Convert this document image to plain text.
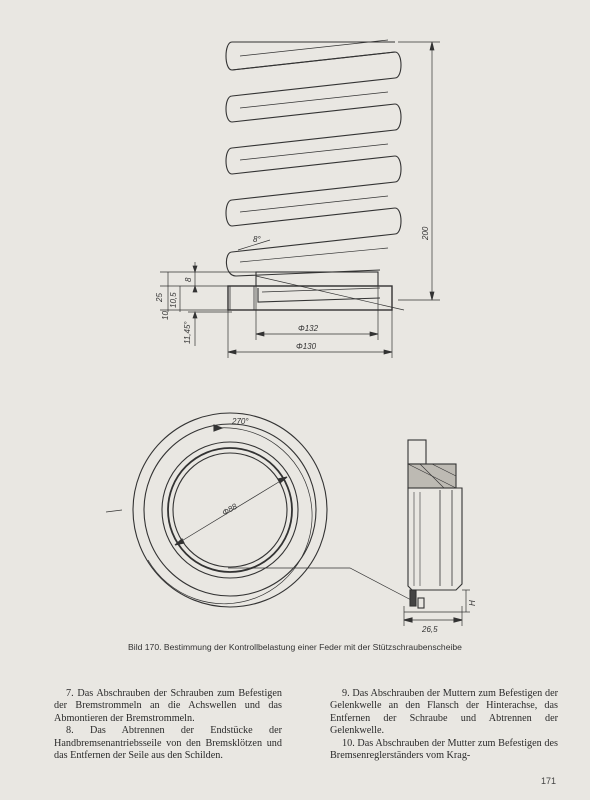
200
8°
8
25 10,5
10
11,45°	Φ132
Φ130
270°
Φ88
26,5
H
Bild 170. Bestimmung der Kontrollbelastung einer Feder mit der Stützschraubenscheibe

7. Das Abschrauben der Schrauben zum Befestigen der Bremstrommeln an die Achswellen und das Abmontieren der Bremstrommeln.

8. Das Abtrennen der Endstücke der Handbremsenantriebsseile von den Bremsklötzen und das Entfernen der Seile aus den Schilden.

9. Das Abschrauben der Muttern zum Befestigen der Gelenkwelle an den Flansch der Hinterachse, das Entfernen der Schraube und Abtrennen der Gelenkwelle.

10. Das Abschrauben der Mutter zum Befestigen des Bremsenreglerständers vom Krag-

171
